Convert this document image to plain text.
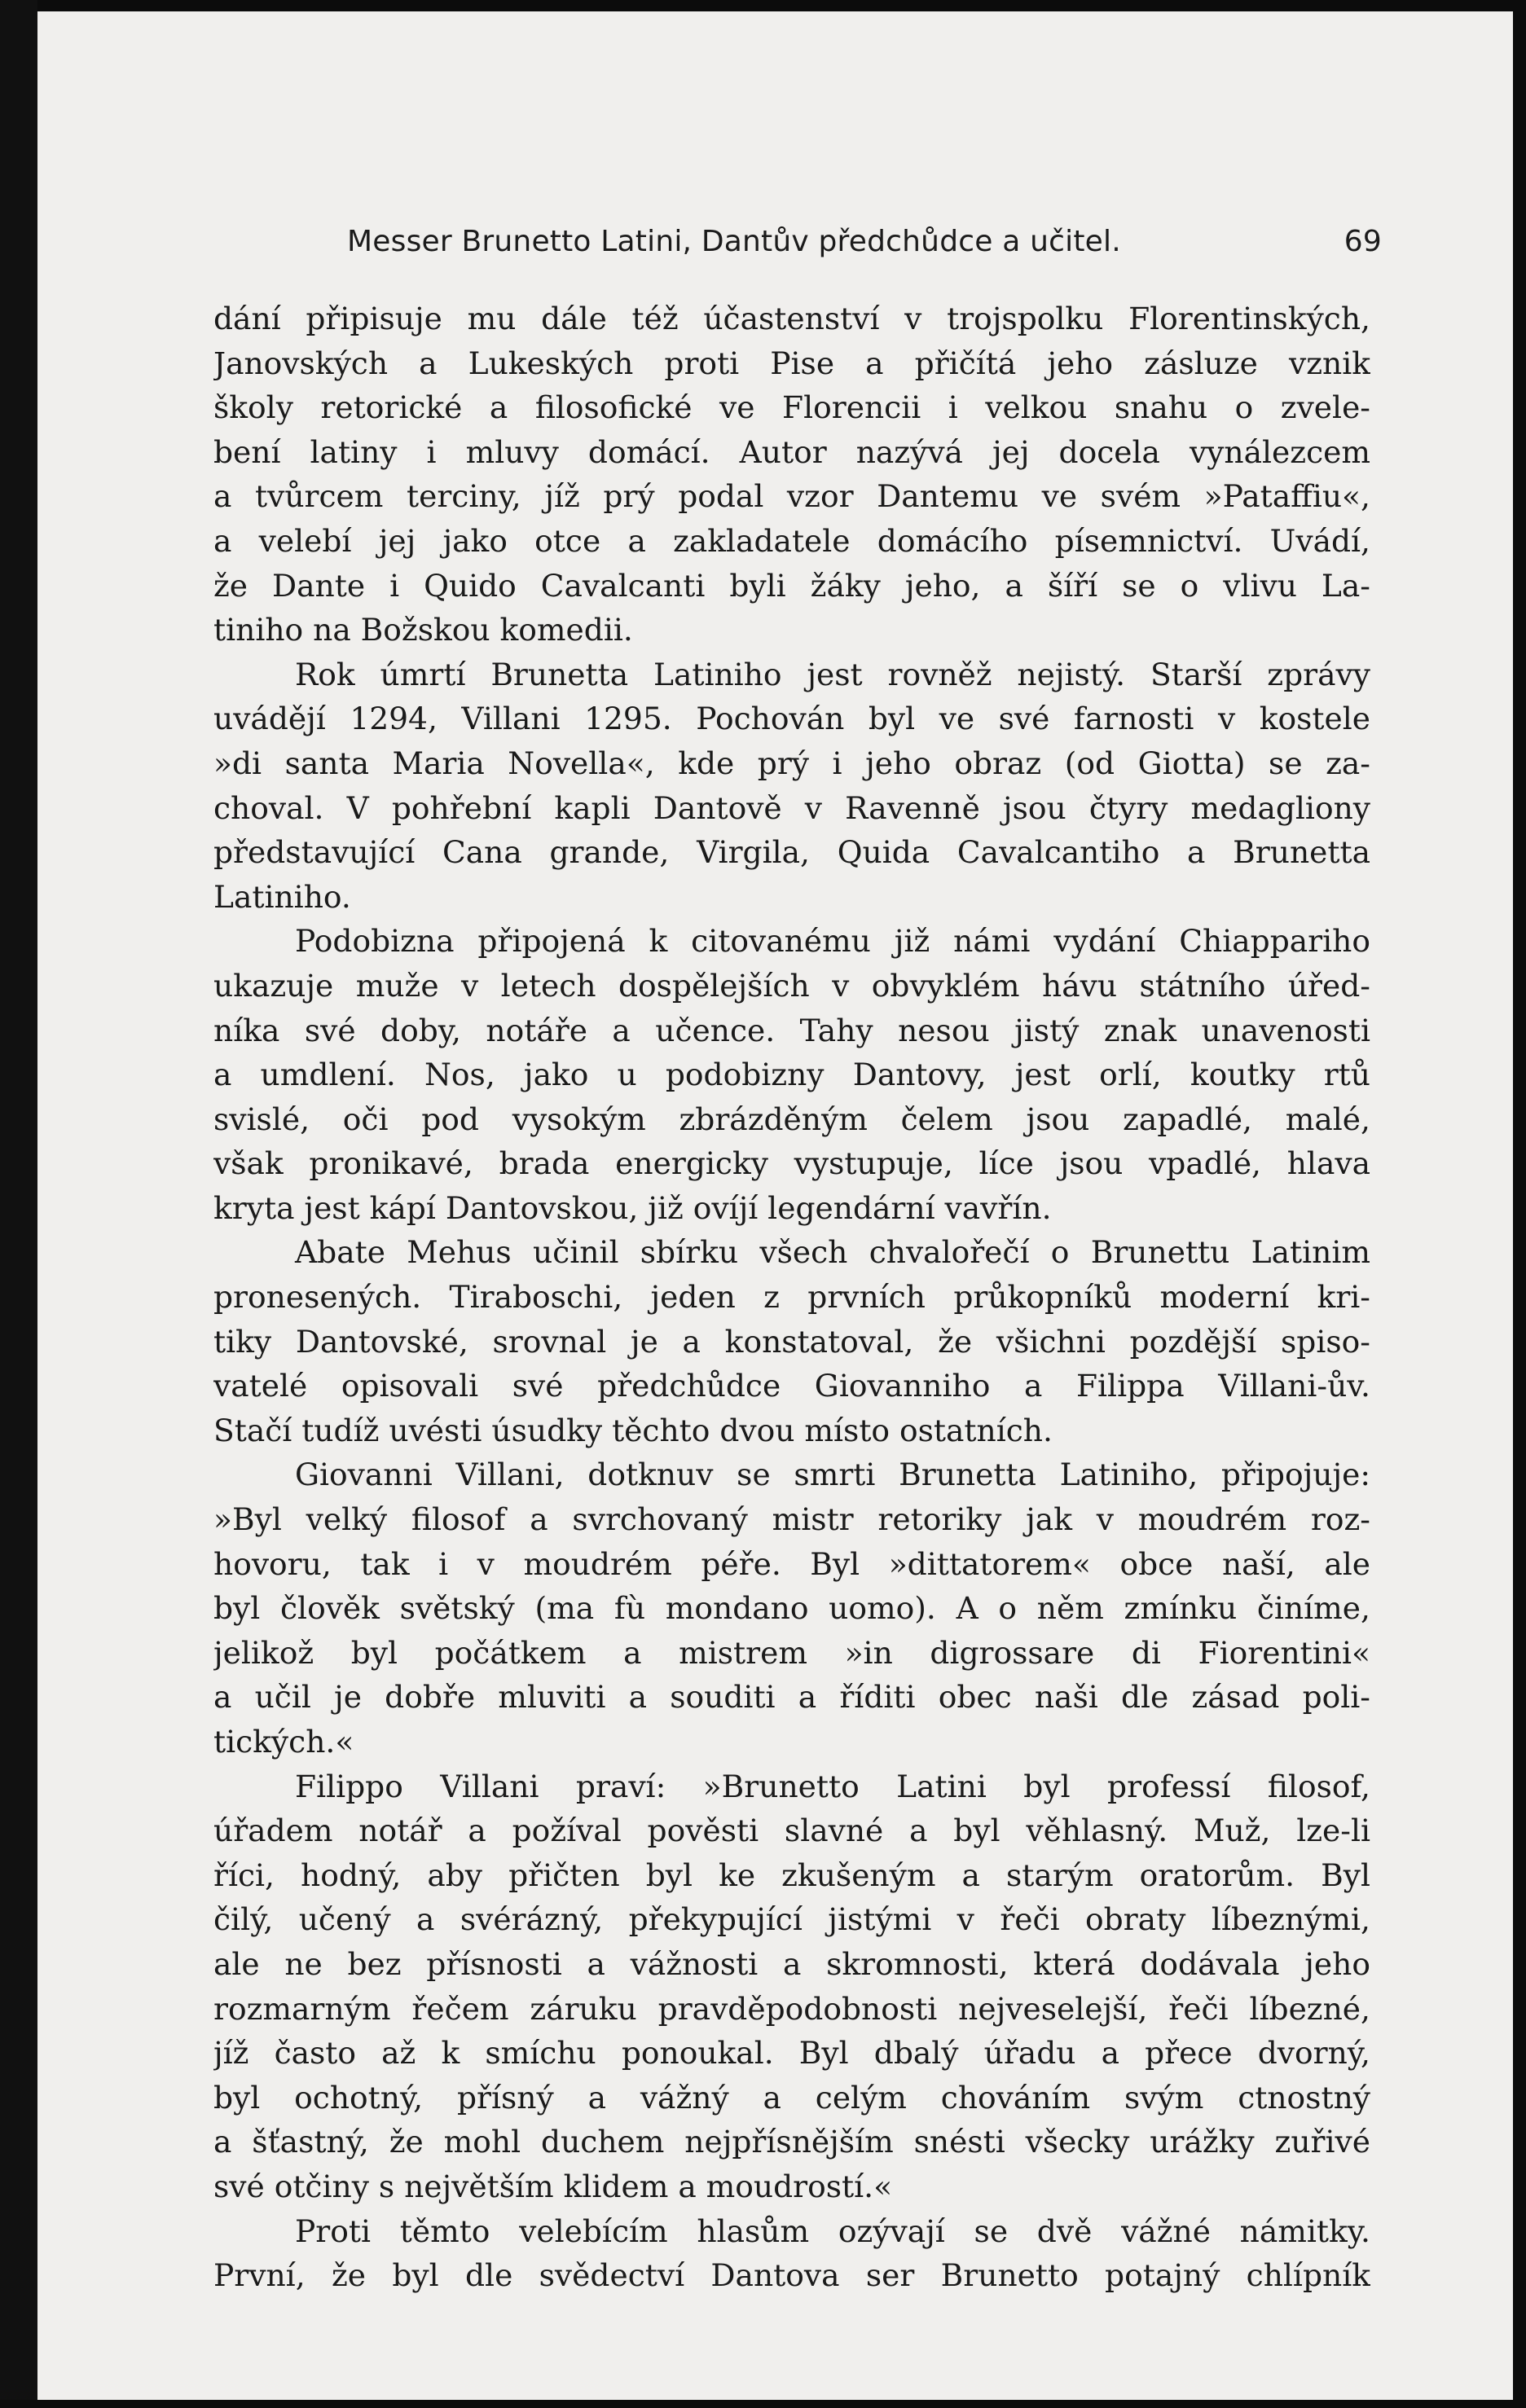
Messer Brunetto Latini, Dantův předchůdce a učitel.	69
dání připisuje mu dále též účastenství v trojspolku Florentinských,
Janovských a Lukeských proti Pise a přičítá jeho zásluze vznik
školy retorické a filosofické ve Florencii i velkou snahu o zvele-
bení latiny i mluvy domácí. Autor nazývá jej docela vynálezcem
a tvůrcem terciny, jíž prý podal vzor Dantemu ve svém »Pataffiu«,
a velebí jej jako otce a zakladatele domácího písemnictví. Uvádí,
že Dante i Quido Cavalcanti byli žáky jeho, a šíří se o vlivu La-
tiniho na Božskou komedii.
Rok úmrtí Brunetta Latiniho jest rovněž nejistý. Starší zprávy
uvádějí 1294, Villani 1295. Pochován byl ve své farnosti v kostele
»di santa Maria Novella«, kde prý i jeho obraz (od Giotta) se za-
choval. V pohřební kapli Dantově v Ravenně jsou čtyry medagliony
představující Cana grande, Virgila, Quida Cavalcantiho a Brunetta
Latiniho.
Podobizna připojená k citovanému již námi vydání Chiappariho
ukazuje muže v letech dospělejších v obvyklém hávu státního úřed-
níka své doby, notáře a učence. Tahy nesou jistý znak unavenosti
a umdlení. Nos, jako u podobizny Dantovy, jest orlí, koutky rtů
svislé, oči pod vysokým zbrázděným čelem jsou zapadlé, malé,
však pronikavé, brada energicky vystupuje, líce jsou vpadlé, hlava
kryta jest kápí Dantovskou, již ovíjí legendární vavřín.
Abate Mehus učinil sbírku všech chvalořečí o Brunettu Latinim
pronesených. Tiraboschi, jeden z prvních průkopníků moderní kri-
tiky Dantovské, srovnal je a konstatoval, že všichni pozdější spiso-
vatelé opisovali své předchůdce Giovanniho a Filippa Villani-ův.
Stačí tudíž uvésti úsudky těchto dvou místo ostatních.
Giovanni Villani, dotknuv se smrti Brunetta Latiniho, připojuje:
»Byl velký filosof a svrchovaný mistr retoriky jak v moudrém roz-
hovoru, tak i v moudrém péře. Byl »dittatorem« obce naší, ale
byl člověk světský (ma fù mondano uomo). A o něm zmínku činíme,
jelikož byl počátkem a mistrem »in digrossare di Fiorentini«
a učil je dobře mluviti a souditi a říditi obec naši dle zásad poli-
tických.«
Filippo Villani praví: »Brunetto Latini byl professí filosof,
úřadem notář a požíval pověsti slavné a byl věhlasný. Muž, lze-li
říci, hodný, aby přičten byl ke zkušeným a starým oratorům. Byl
čilý, učený a svérázný, překypující jistými v řeči obraty líbeznými,
ale ne bez přísnosti a vážnosti a skromnosti, která dodávala jeho
rozmarným řečem záruku pravděpodobnosti nejveselejší, řeči líbezné,
jíž často až k smíchu ponoukal. Byl dbalý úřadu a přece dvorný,
byl ochotný, přísný a vážný a celým chováním svým ctnostný
a šťastný, že mohl duchem nejpřísnějším snésti všecky urážky zuřivé
své otčiny s největším klidem a moudrostí.«
Proti těmto velebícím hlasům ozývají se dvě vážné námitky.
První, že byl dle svědectví Dantova ser Brunetto potajný chlípník
